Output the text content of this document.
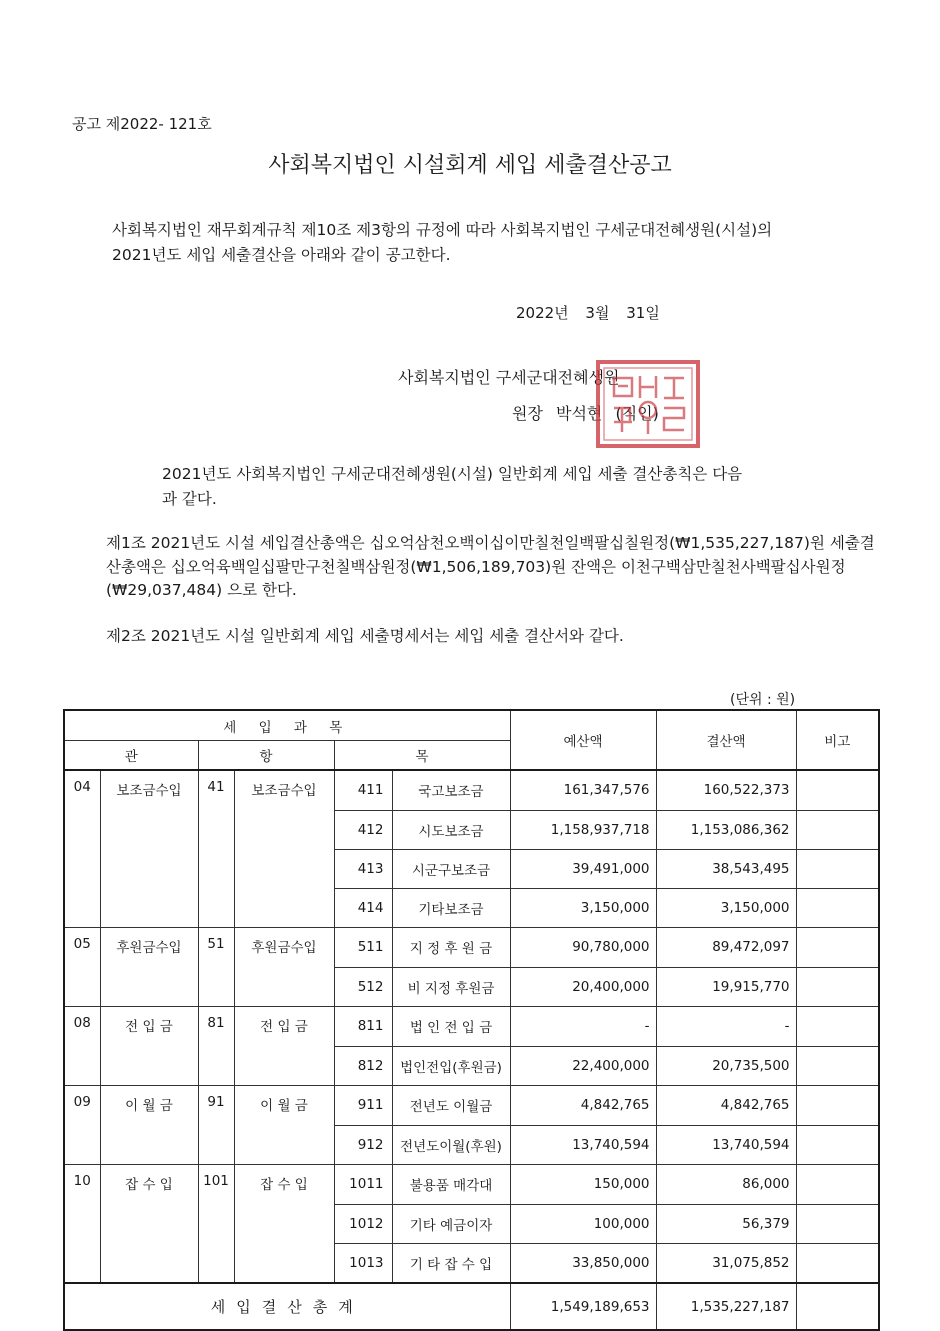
공고 제2022- 121호
사회복지법인 시설회계 세입 세출결산공고
사회복지법인 재무회계규칙 제10조 제3항의 규정에 따라 사회복지법인 구세군대전혜생원(시설)의 2021년도 세입 세출결산을 아래와 같이 공고한다.
2022년 3월 31일
사회복지법인 구세군대전혜생원
원장 박석현 (직인)
2021년도 사회복지법인 구세군대전혜생원(시설) 일반회계 세입 세출 결산총칙은 다음과 같다.
제1조 2021년도 시설 세입결산총액은 십오억삼천오백이십이만칠천일백팔십칠원정(₩1,535,227,187)원 세출결산총액은 십오억육백일십팔만구천칠백삼원정(₩1,506,189,703)원 잔액은 이천구백삼만칠천사백팔십사원정(₩29,037,484) 으로 한다.
제2조 2021년도 시설 일반회계 세입 세출명세서는 세입 세출 결산서와 같다.
(단위 : 원)
세 입 과 목						예산액	결산액	비고
관		항		목				
04	보조금수입	41	보조금수입	411	국고보조금	161,347,576	160,522,373	
				412	시도보조금	1,158,937,718	1,153,086,362	
				413	시군구보조금	39,491,000	38,543,495	
				414	기타보조금	3,150,000	3,150,000	
05	후원금수입	51	후원금수입	511	지 정 후 원 금	90,780,000	89,472,097	
				512	비 지정 후원금	20,400,000	19,915,770	
08	전 입 금	81	전 입 금	811	법 인 전 입 금	-	-	
				812	법인전입(후원금)	22,400,000	20,735,500	
09	이 월 금	91	이 월 금	911	전년도 이월금	4,842,765	4,842,765	
				912	전년도이월(후원)	13,740,594	13,740,594	
10	잡 수 입	101	잡 수 입	1011	불용품 매각대	150,000	86,000	
				1012	기타 예금이자	100,000	56,379	
				1013	기 타 잡 수 입	33,850,000	31,075,852	
세입결산총계						1,549,189,653	1,535,227,187	
